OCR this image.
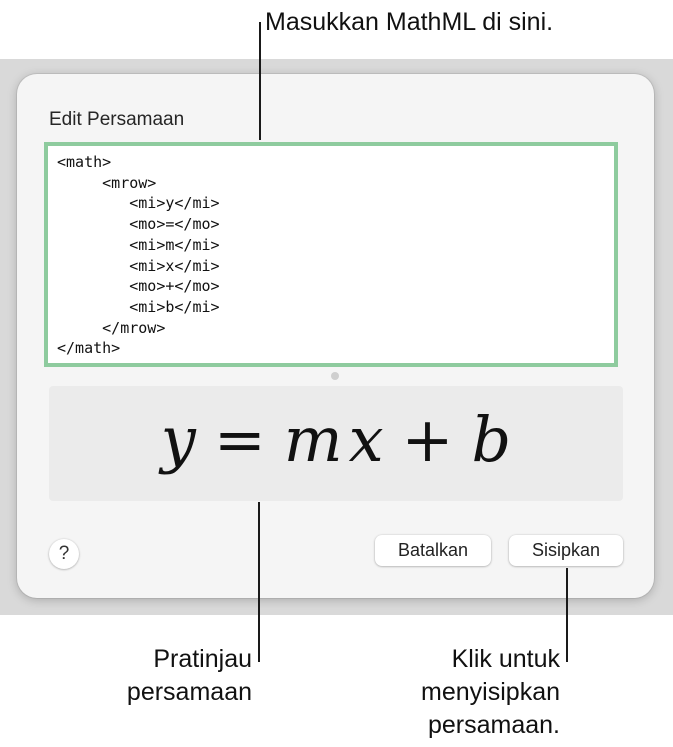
Edit Persamaan
<math>
<mrow>
<mi>y</mi>
<mo>=</mo>
<mi>m</mi>
<mi>x</mi>
<mo>+</mo>
<mi>b</mi>
</mrow>
</math>
y = mx + b
?	Batalkan	Sisipkan
Masukkan MathML di sini.
Pratinjau
persamaan
Klik untuk
menyisipkan
persamaan.
